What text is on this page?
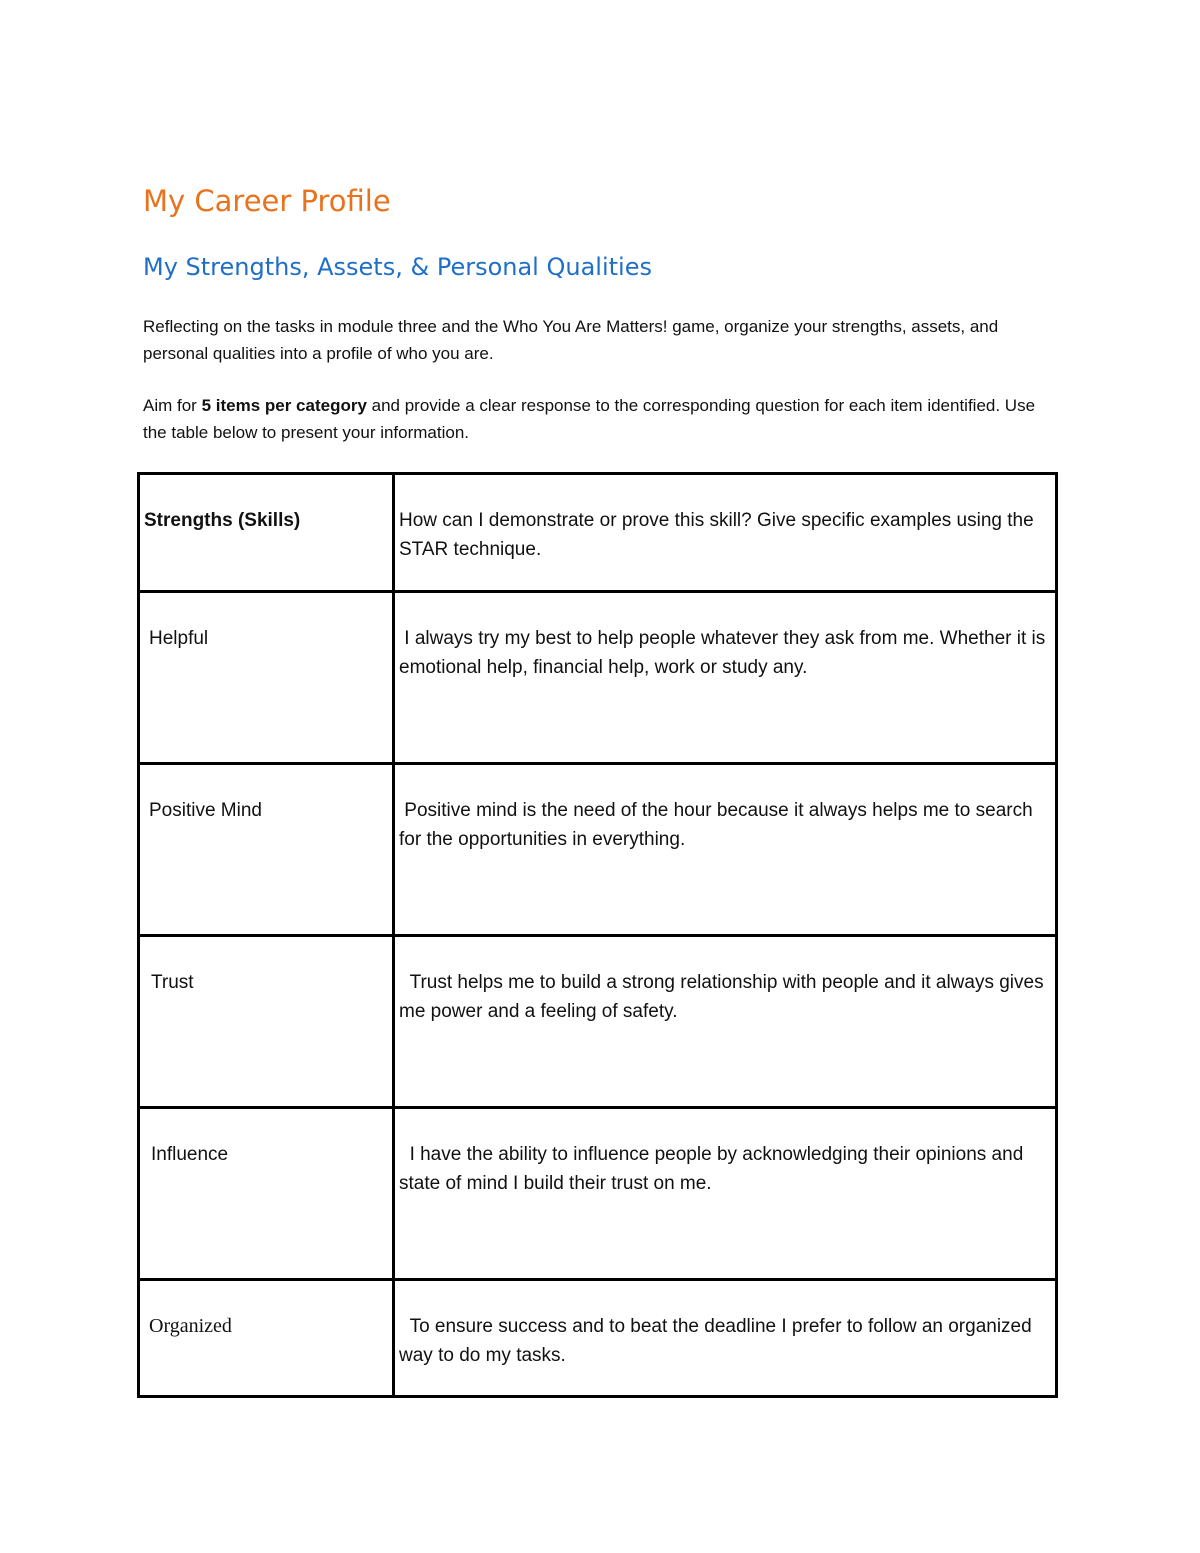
My Career Profile
My Strengths, Assets, & Personal Qualities

Reflecting on the tasks in module three and the Who You Are Matters! game, organize your strengths, assets, and personal qualities into a profile of who you are.

Aim for 5 items per category and provide a clear response to the corresponding question for each item identified. Use the table below to present your information.

Strengths (Skills)	How can I demonstrate or prove this skill? Give specific examples using the STAR technique.

Helpful	I always try my best to help people whatever they ask from me. Whether it is emotional help, financial help, work or study any.

Positive Mind	Positive mind is the need of the hour because it always helps me to search for the opportunities in everything.

Trust	Trust helps me to build a strong relationship with people and it always gives me power and a feeling of safety.

Influence	I have the ability to influence people by acknowledging their opinions and state of mind I build their trust on me.

Organized	To ensure success and to beat the deadline I prefer to follow an organized way to do my tasks.
